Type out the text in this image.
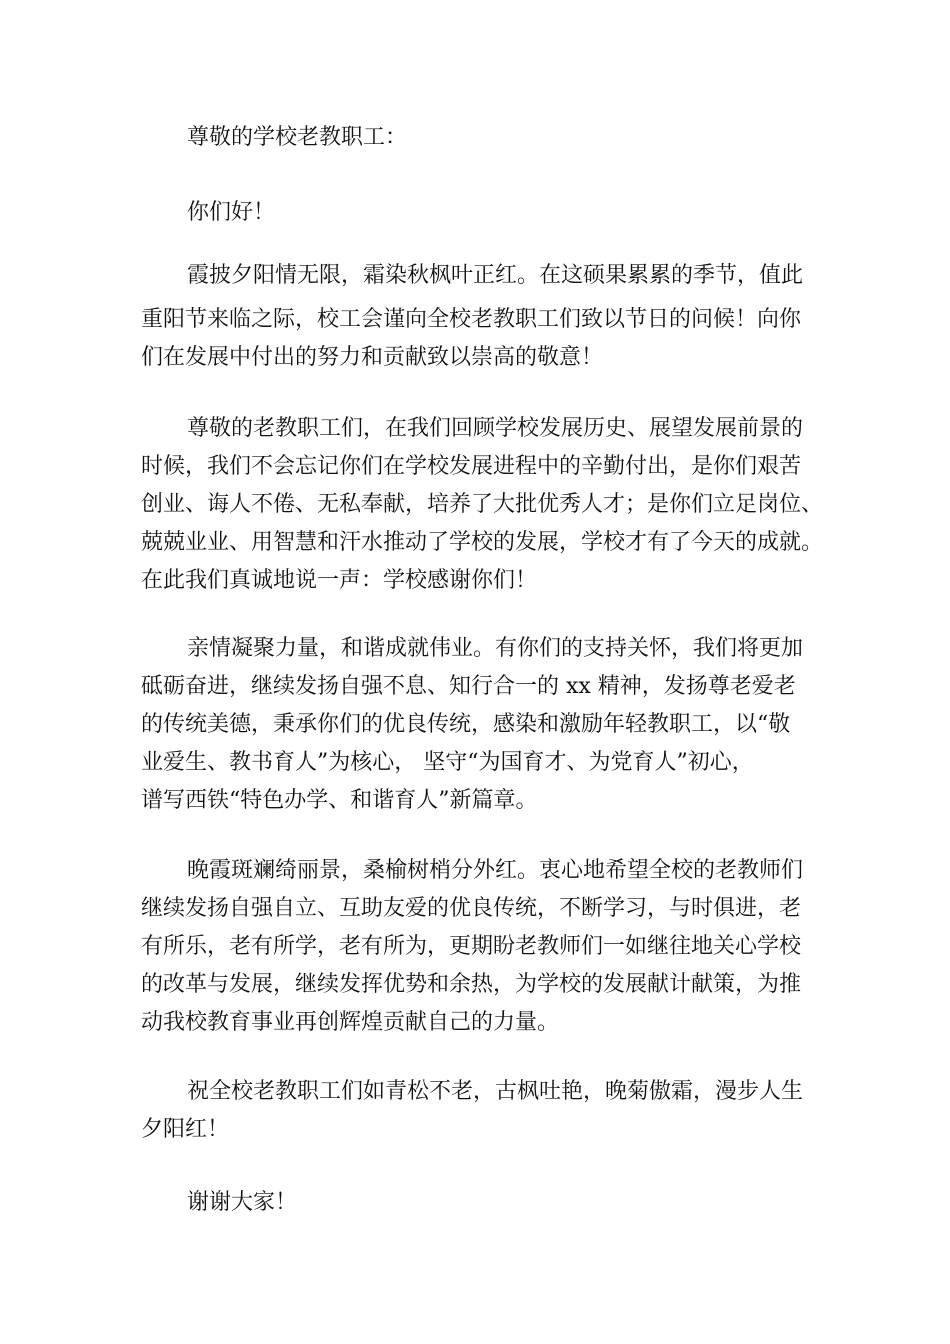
尊敬的学校老教职工：
你们好！
霞披夕阳情无限，霜染秋枫叶正红。在这硕果累累的季节，值此
重阳节来临之际，校工会谨向全校老教职工们致以节日的问候！向你
们在发展中付出的努力和贡献致以崇高的敬意！
尊敬的老教职工们，在我们回顾学校发展历史、展望发展前景的
时候，我们不会忘记你们在学校发展进程中的辛勤付出，是你们艰苦
创业、诲人不倦、无私奉献，培养了大批优秀人才；是你们立足岗位、
兢兢业业、用智慧和汗水推动了学校的发展，学校才有了今天的成就。
在此我们真诚地说一声：学校感谢你们！
亲情凝聚力量，和谐成就伟业。有你们的支持关怀，我们将更加
砥砺奋进，继续发扬自强不息、知行合一的 xx 精神，发扬尊老爱老
的传统美德，秉承你们的优良传统，感染和激励年轻教职工，以“敬
业爱生、教书育人”为核心， 坚守“为国育才、为党育人”初心，
谱写西铁“特色办学、和谐育人”新篇章。
晚霞斑斓绮丽景，桑榆树梢分外红。衷心地希望全校的老教师们
继续发扬自强自立、互助友爱的优良传统，不断学习，与时俱进，老
有所乐，老有所学，老有所为，更期盼老教师们一如继往地关心学校
的改革与发展，继续发挥优势和余热，为学校的发展献计献策，为推
动我校教育事业再创辉煌贡献自己的力量。
祝全校老教职工们如青松不老，古枫吐艳，晚菊傲霜，漫步人生
夕阳红！
谢谢大家！
